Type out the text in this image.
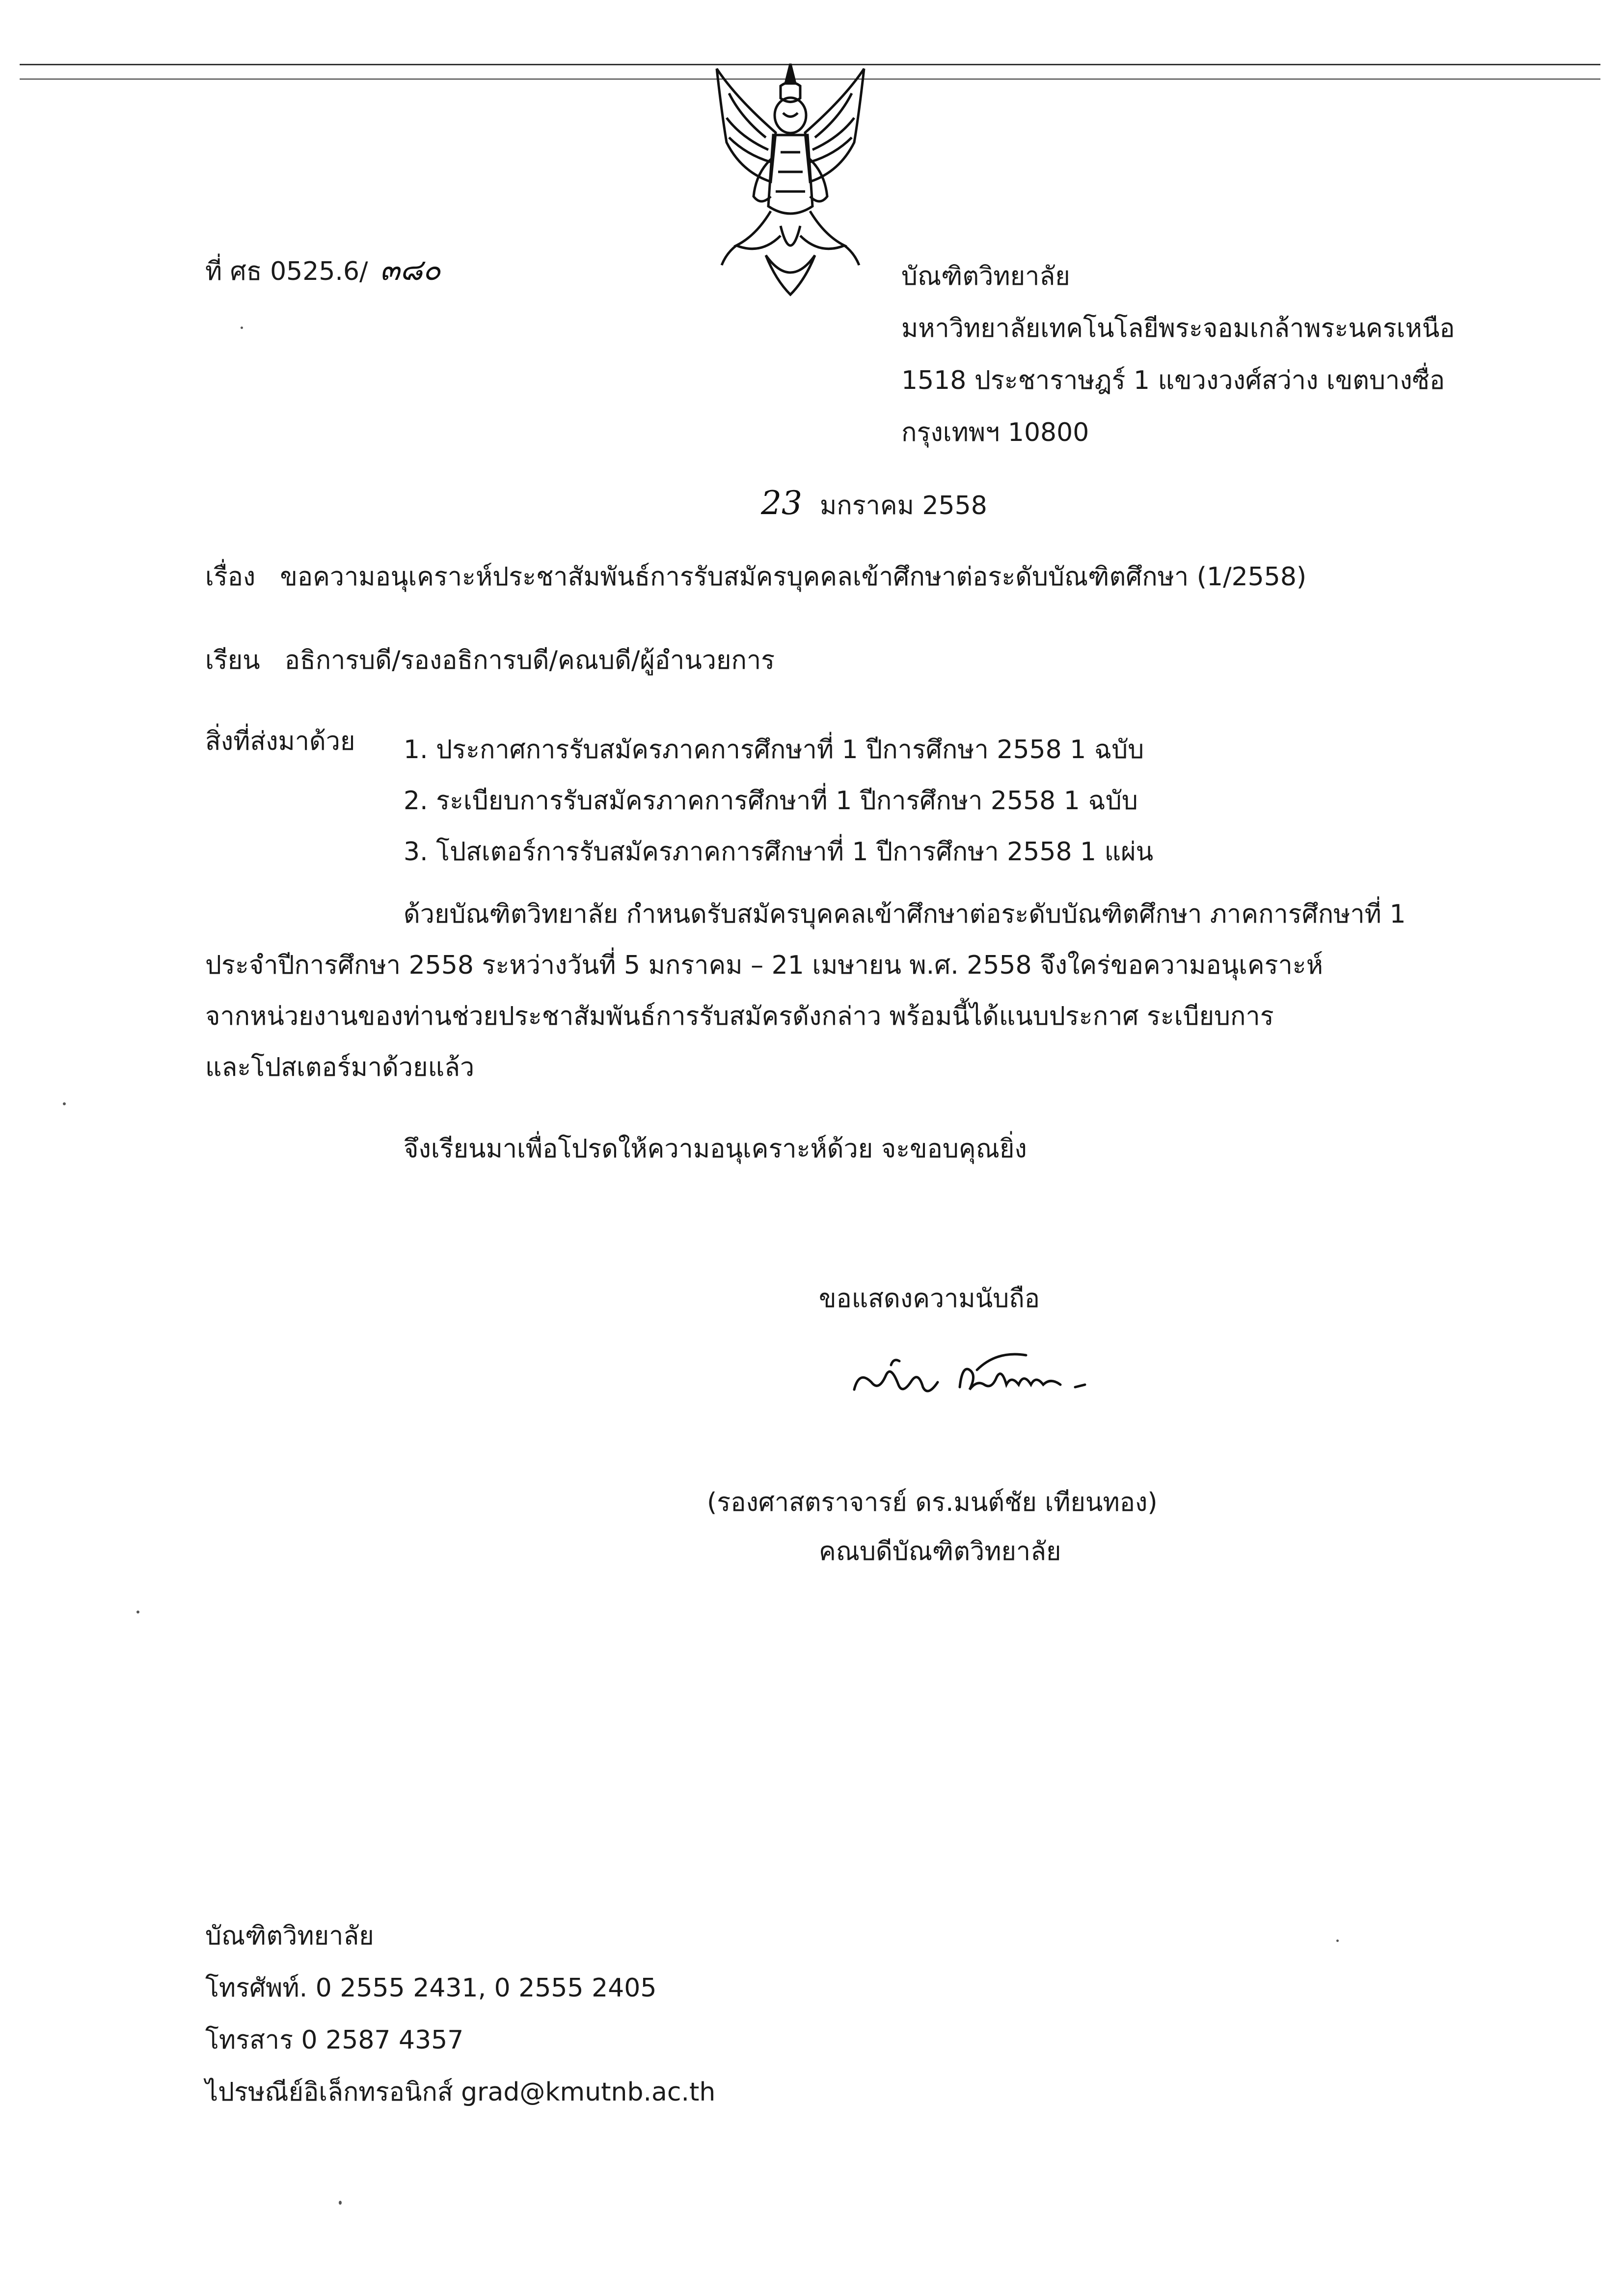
ที่ ศธ 0525.6/ ๓๘๐	บัณฑิตวิทยาลัย
มหาวิทยาลัยเทคโนโลยีพระจอมเกล้าพระนครเหนือ
1518 ประชาราษฎร์ 1 แขวงวงศ์สว่าง เขตบางซื่อ
กรุงเทพฯ 10800
23 มกราคม 2558
เรื่อง ขอความอนุเคราะห์ประชาสัมพันธ์การรับสมัครบุคคลเข้าศึกษาต่อระดับบัณฑิตศึกษา (1/2558)
เรียน อธิการบดี/รองอธิการบดี/คณบดี/ผู้อำนวยการ
สิ่งที่ส่งมาด้วย 1. ประกาศการรับสมัครภาคการศึกษาที่ 1 ปีการศึกษา 2558 1 ฉบับ
2. ระเบียบการรับสมัครภาคการศึกษาที่ 1 ปีการศึกษา 2558 1 ฉบับ
3. โปสเตอร์การรับสมัครภาคการศึกษาที่ 1 ปีการศึกษา 2558 1 แผ่น
ด้วยบัณฑิตวิทยาลัย กำหนดรับสมัครบุคคลเข้าศึกษาต่อระดับบัณฑิตศึกษา ภาคการศึกษาที่ 1
ประจำปีการศึกษา 2558 ระหว่างวันที่ 5 มกราคม – 21 เมษายน พ.ศ. 2558 จึงใคร่ขอความอนุเคราะห์
จากหน่วยงานของท่านช่วยประชาสัมพันธ์การรับสมัครดังกล่าว พร้อมนี้ได้แนบประกาศ ระเบียบการ
และโปสเตอร์มาด้วยแล้ว
จึงเรียนมาเพื่อโปรดให้ความอนุเคราะห์ด้วย จะขอบคุณยิ่ง
ขอแสดงความนับถือ
(รองศาสตราจารย์ ดร.มนต์ชัย เทียนทอง)
คณบดีบัณฑิตวิทยาลัย
บัณฑิตวิทยาลัย
โทรศัพท์. 0 2555 2431, 0 2555 2405
โทรสาร 0 2587 4357
ไปรษณีย์อิเล็กทรอนิกส์ grad@kmutnb.ac.th
